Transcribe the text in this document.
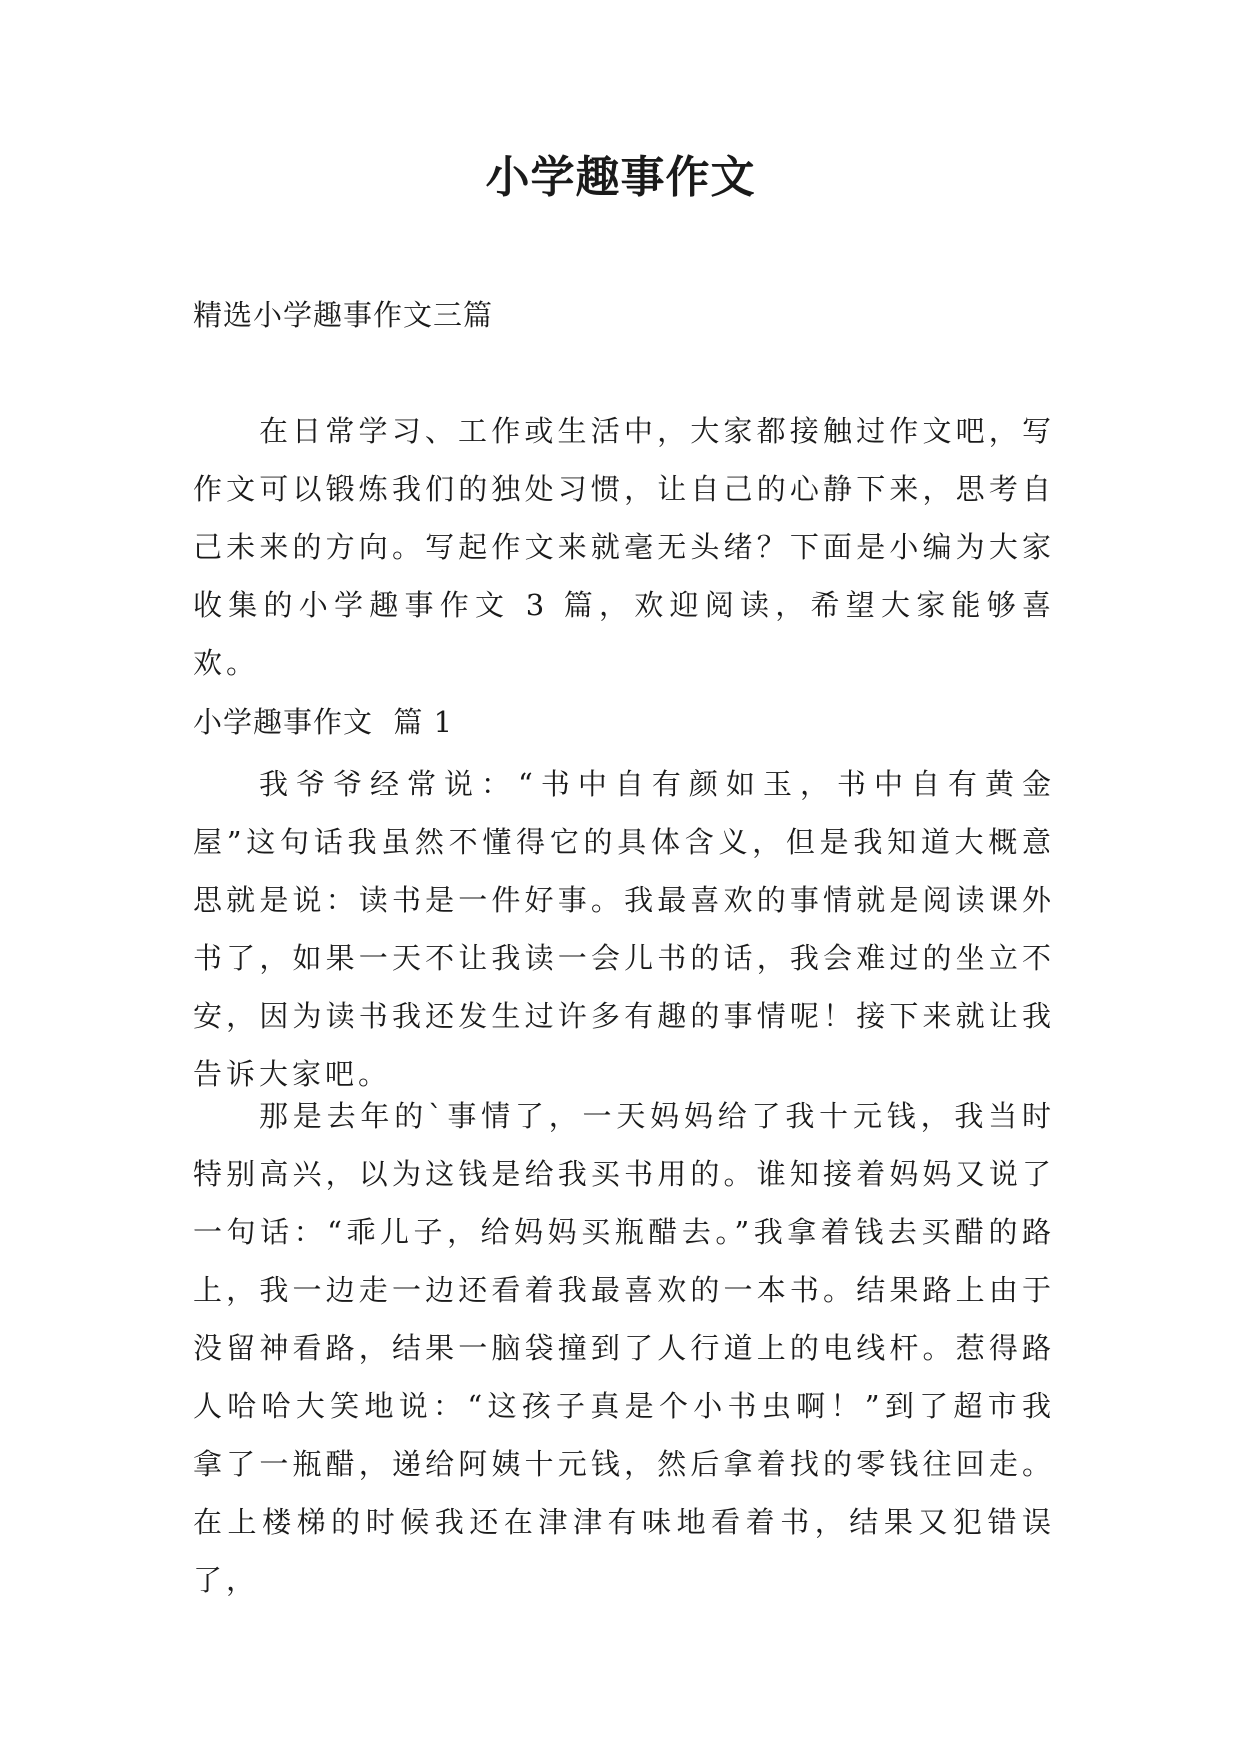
小学趣事作文
精选小学趣事作文三篇

在日常学习、工作或生活中，大家都接触过作文吧，写作文可以锻炼我们的独处习惯，让自己的心静下来，思考自己未来的方向。写起作文来就毫无头绪？下面是小编为大家收集的小学趣事作文 3 篇，欢迎阅读，希望大家能够喜欢。

小学趣事作文  篇 1

我爷爷经常说：“书中自有颜如玉，书中自有黄金屋”这句话我虽然不懂得它的具体含义，但是我知道大概意思就是说：读书是一件好事。我最喜欢的事情就是阅读课外书了，如果一天不让我读一会儿书的话，我会难过的坐立不安，因为读书我还发生过许多有趣的事情呢！接下来就让我告诉大家吧。

那是去年的`事情了，一天妈妈给了我十元钱，我当时特别高兴，以为这钱是给我买书用的。谁知接着妈妈又说了一句话：“乖儿子，给妈妈买瓶醋去。”我拿着钱去买醋的路上，我一边走一边还看着我最喜欢的一本书。结果路上由于没留神看路，结果一脑袋撞到了人行道上的电线杆。惹得路人哈哈大笑地说：“这孩子真是个小书虫啊！”到了超市我拿了一瓶醋，递给阿姨十元钱，然后拿着找的零钱往回走。在上楼梯的时候我还在津津有味地看着书，结果又犯错误了，
